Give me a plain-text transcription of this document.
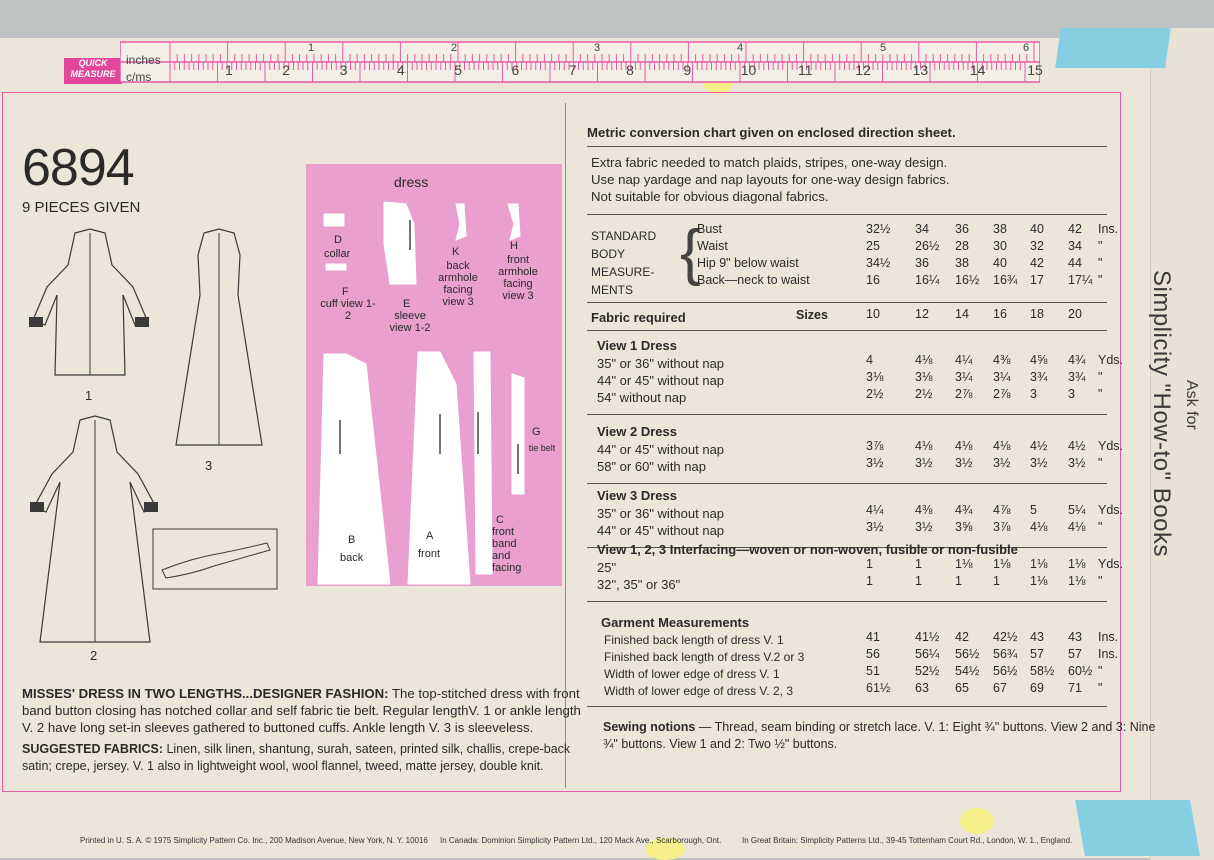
QUICK MEASURE
inches
c/ms	1	2	3	4	5	6	7	8	9	10	11	12	13	14	15
1	2	3	4	5	6
6894
9 PIECES GIVEN
1
3
2
dress
D
collar
F
cuff view 1-2
E
sleeve view 1-2
K
back armhole facing view 3
H
front armhole facing view 3
G
tie belt
B
back
A
front
C
front band and facing
MISSES' DRESS IN TWO LENGTHS...DESIGNER FASHION: The top-stitched dress with front band button closing has notched collar and self fabric tie belt. Regular lengthV. 1 or ankle length V. 2 have long set-in sleeves gathered to buttoned cuffs. Ankle length V. 3 is sleeveless.
SUGGESTED FABRICS: Linen, silk linen, shantung, surah, sateen, printed silk, challis, crepe-back satin; crepe, jersey. V. 1 also in lightweight wool, wool flannel, tweed, matte jersey, double knit.
Metric conversion chart given on enclosed direction sheet.
Extra fabric needed to match plaids, stripes, one-way design.
Use nap yardage and nap layouts for one-way design fabrics.
Not suitable for obvious diagonal fabrics.
STANDARD
BODY
MEASURE-
MENTS
{
Bust	32½ 34 36 38 40 42 Ins.
Waist	25	26½ 28 30 32 34 "
Hip 9" below waist	34½ 36 38 40 42 44 "
Back—neck to waist	16	16¼ 16½ 16¾ 17 17¼ "
Fabric required	Sizes	10	12 14 16 18 20
View 1 Dress
35" or 36" without nap	4	4⅛ 4¼ 4⅜ 4⅝ 4¾ Yds.
44" or 45" without nap	3⅛	3⅛ 3¼ 3¼ 3¾ 3¾ "
54" without nap	2½	2½ 2⅞ 2⅞ 3 3 "
View 2 Dress
44" or 45" without nap	3⅞	4⅛ 4⅛ 4⅛ 4½ 4½ Yds.
58" or 60" with nap	3½	3½ 3½ 3½ 3½ 3½ "
View 3 Dress
35" or 36" without nap	4¼	4⅜ 4¾ 4⅞ 5 5¼ Yds.
44" or 45" without nap	3½	3½ 3⅝ 3⅞ 4⅛ 4⅛ "
View 1, 2, 3 Interfacing—woven or non-woven, fusible or non-fusible
25"	1	1	1⅛ 1⅛ 1⅛ 1⅛ Yds.
32", 35" or 36"	1	1	1 1 1⅛ 1⅛ "
Garment Measurements
Finished back length of dress V. 1	41	41½ 42 42½ 43 43 Ins.
Finished back length of dress V.2 or 3	56	56¼ 56½ 56¾ 57 57 Ins.
Width of lower edge of dress V. 1	51	52½ 54½ 56½ 58½ 60½ "
Width of lower edge of dress V. 2, 3	61½ 63 65 67 69 71 "
Sewing notions — Thread, seam binding or stretch lace. V. 1: Eight ¾" buttons. View 2 and 3: Nine
¾" buttons. View 1 and 2: Two ½" buttons.
Ask for
Simplicity "How-to" Books
Printed in U. S. A. © 1975 Simplicity Pattern Co. Inc., 200 Madison Avenue, New York, N. Y. 10016 In Canada: Dominion Simplicity Pattern Ltd., 120 Mack Ave., Scarborough, Ont.	In Great Britain: Simplicity Patterns Ltd., 39-45 Tottenham Court Rd., London, W. 1., England.
